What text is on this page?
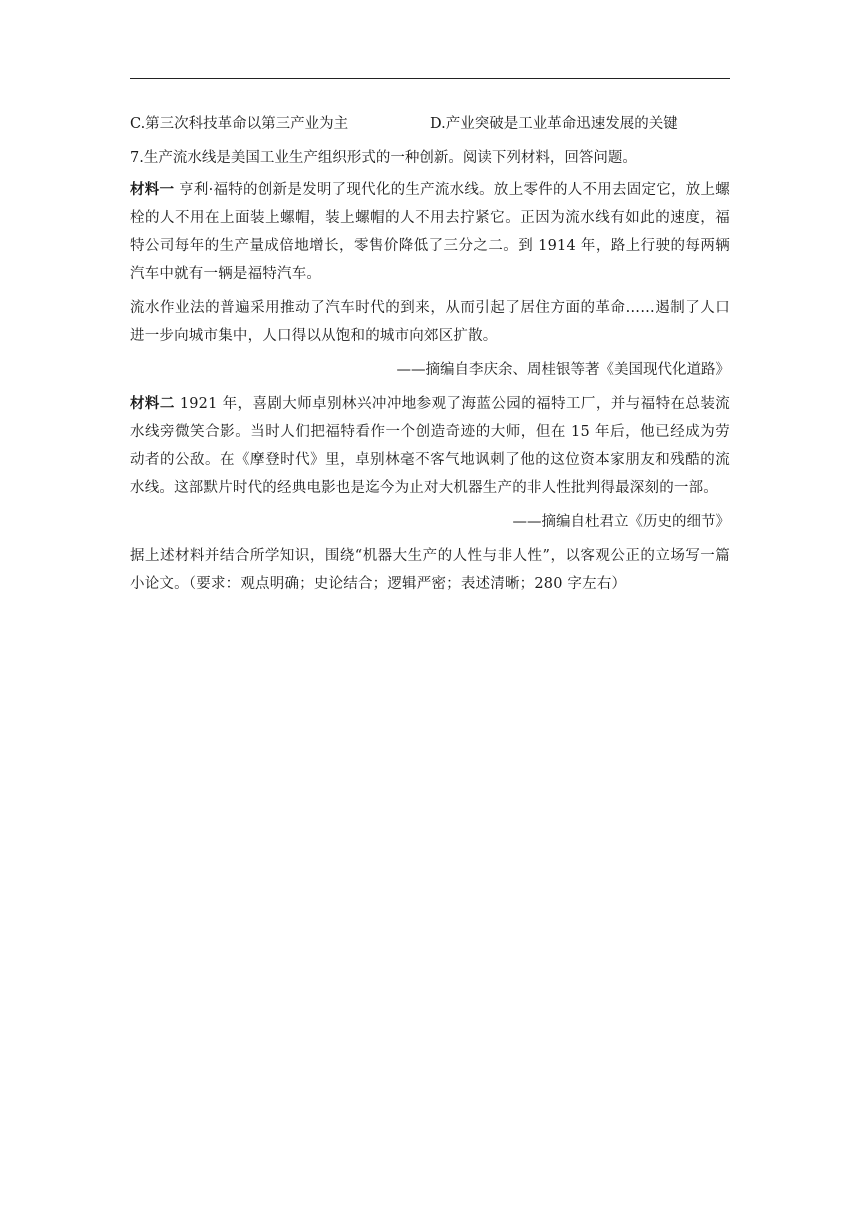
C.第三次科技革命以第三产业为主	D.产业突破是工业革命迅速发展的关键
7.生产流水线是美国工业生产组织形式的一种创新。阅读下列材料，回答问题。

材料一 亨利·福特的创新是发明了现代化的生产流水线。放上零件的人不用去固定它，放上螺栓的人不用在上面装上螺帽，装上螺帽的人不用去拧紧它。正因为流水线有如此的速度，福特公司每年的生产量成倍地增长，零售价降低了三分之二。到 1914 年，路上行驶的每两辆汽车中就有一辆是福特汽车。

流水作业法的普遍采用推动了汽车时代的到来，从而引起了居住方面的革命……遏制了人口进一步向城市集中，人口得以从饱和的城市向郊区扩散。

——摘编自李庆余、周桂银等著《美国现代化道路》

材料二 1921 年，喜剧大师卓别林兴冲冲地参观了海蓝公园的福特工厂，并与福特在总装流水线旁微笑合影。当时人们把福特看作一个创造奇迹的大师，但在 15 年后，他已经成为劳动者的公敌。在《摩登时代》里，卓别林毫不客气地讽刺了他的这位资本家朋友和残酷的流水线。这部默片时代的经典电影也是迄今为止对大机器生产的非人性批判得最深刻的一部。

——摘编自杜君立《历史的细节》

据上述材料并结合所学知识，围绕“机器大生产的人性与非人性”，以客观公正的立场写一篇小论文。（要求：观点明确；史论结合；逻辑严密；表述清晰；280 字左右）
